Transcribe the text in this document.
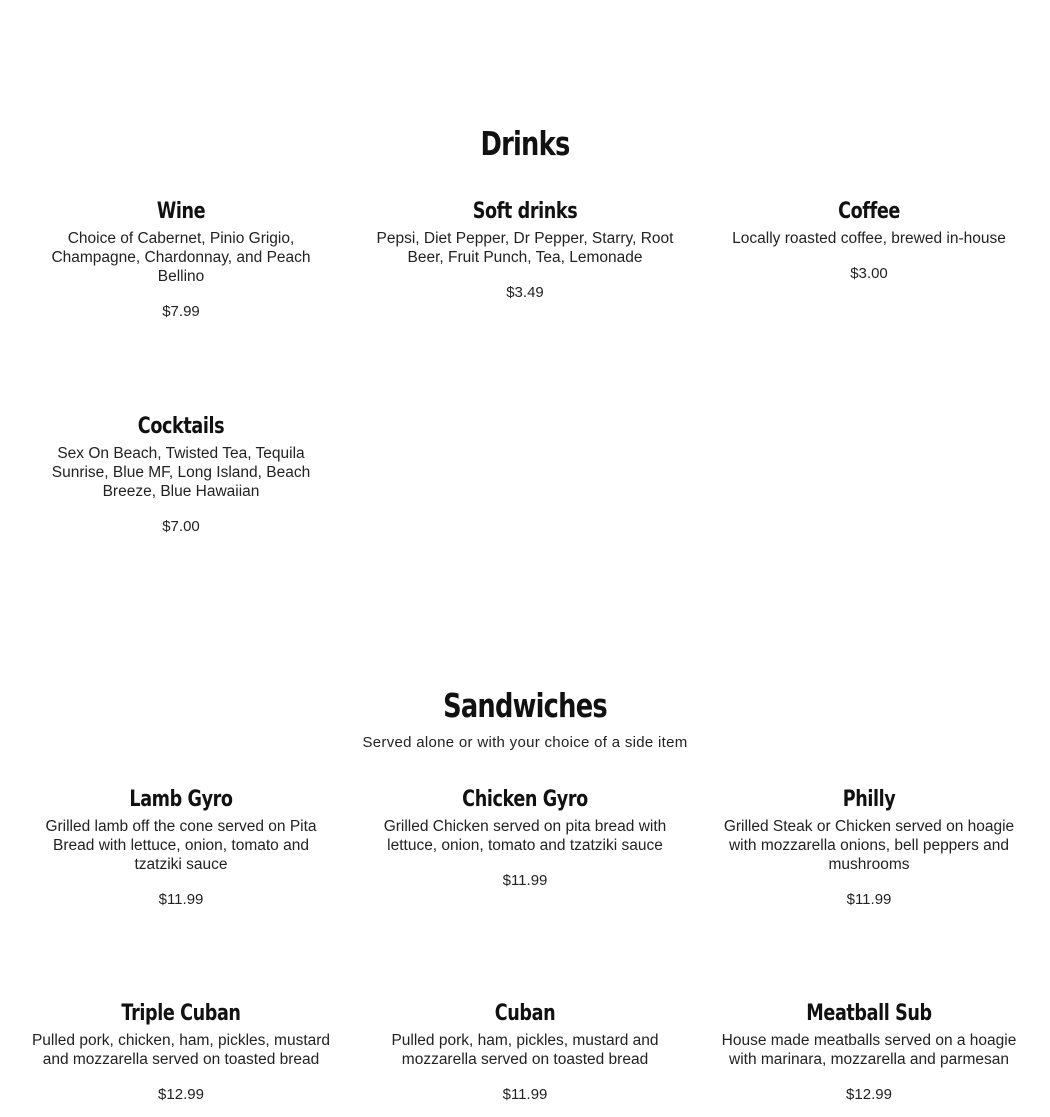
Drinks
Wine
Choice of Cabernet, Pinio Grigio, Champagne, Chardonnay, and Peach Bellino
$7.99
Soft drinks
Pepsi, Diet Pepper, Dr Pepper, Starry, Root Beer, Fruit Punch, Tea, Lemonade
$3.49
Coffee
Locally roasted coffee, brewed in-house
$3.00
Cocktails
Sex On Beach, Twisted Tea, Tequila Sunrise, Blue MF, Long Island, Beach Breeze, Blue Hawaiian
$7.00
Sandwiches
Served alone or with your choice of a side item
Lamb Gyro
Grilled lamb off the cone served on Pita Bread with lettuce, onion, tomato and tzatziki sauce
$11.99
Chicken Gyro
Grilled Chicken served on pita bread with lettuce, onion, tomato and tzatziki sauce
$11.99
Philly
Grilled Steak or Chicken served on hoagie with mozzarella onions, bell peppers and mushrooms
$11.99
Triple Cuban
Pulled pork, chicken, ham, pickles, mustard and mozzarella served on toasted bread
$12.99
Cuban
Pulled pork, ham, pickles, mustard and mozzarella served on toasted bread
$11.99
Meatball Sub
House made meatballs served on a hoagie with marinara, mozzarella and parmesan
$12.99
